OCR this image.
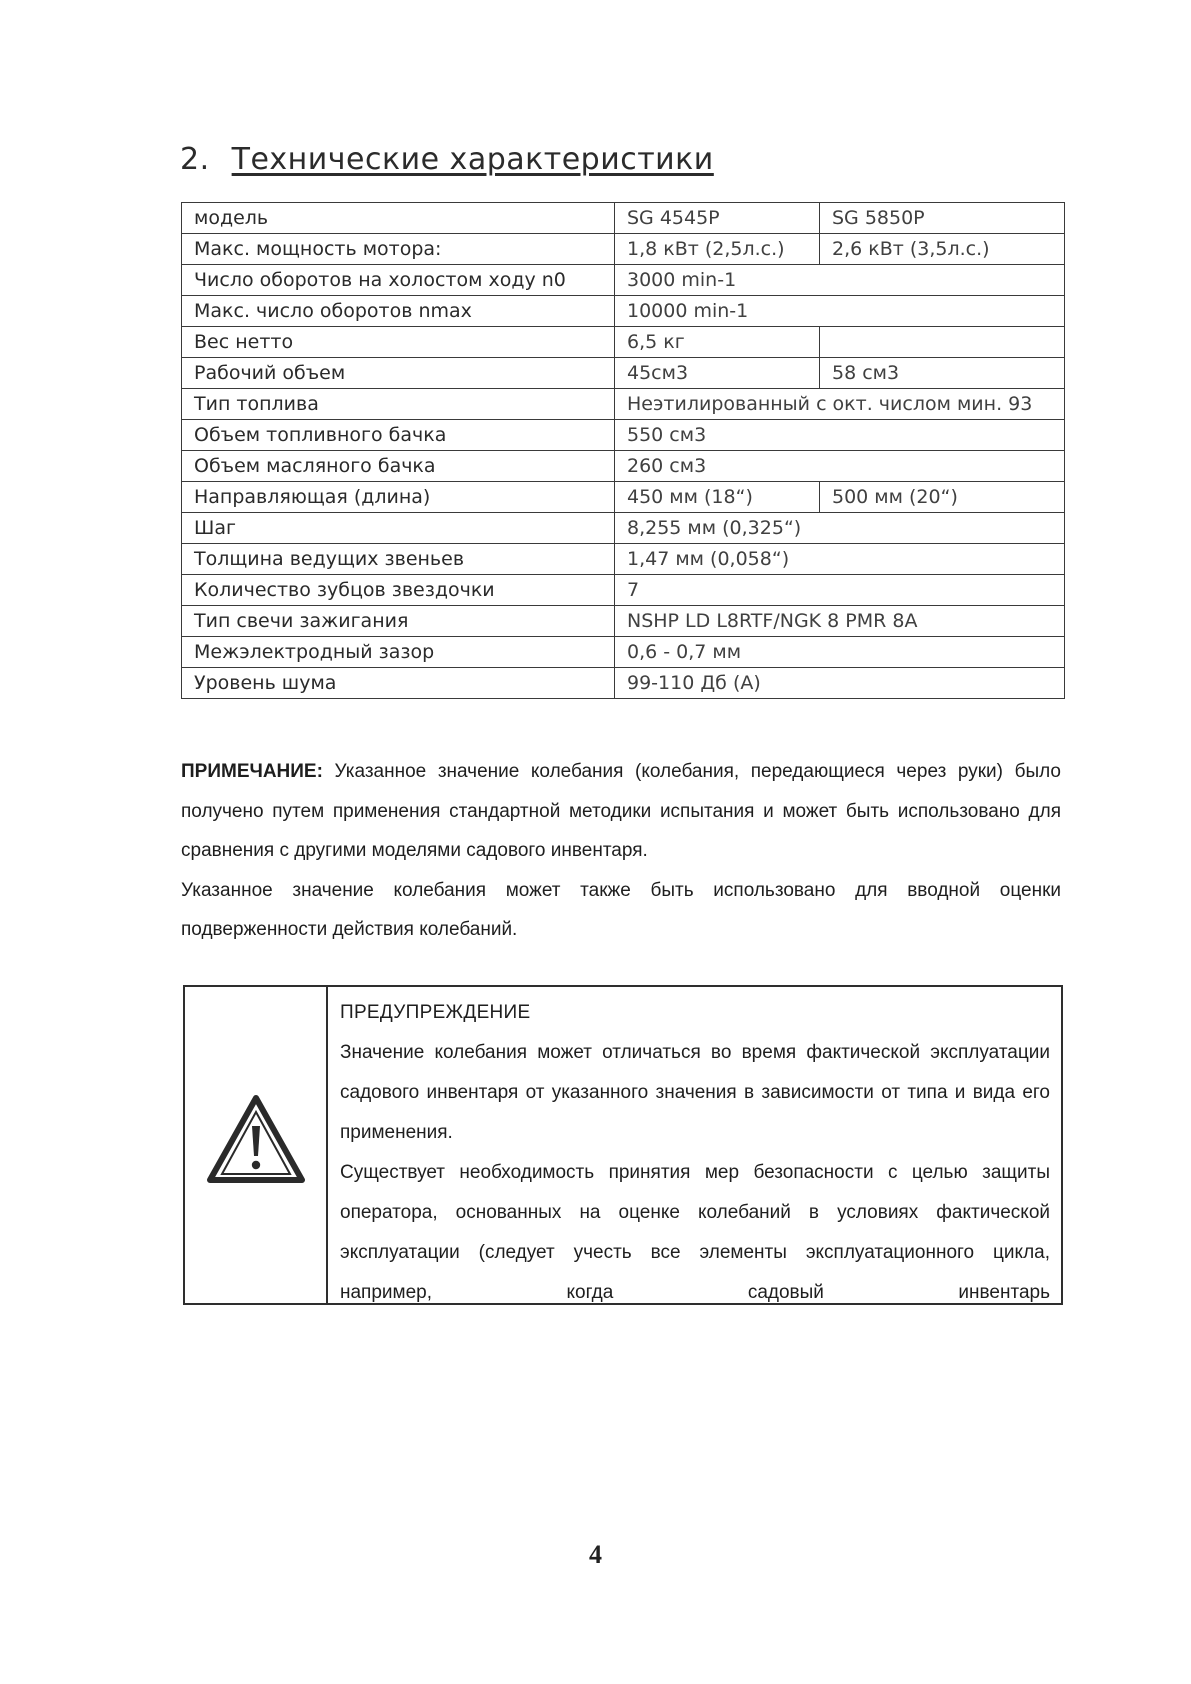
2. Технические характеристики
модель	SG 4545P	SG 5850P
Макс. мощность мотора:	1,8 кВт (2,5л.с.)	2,6 кВт (3,5л.с.)
Число оборотов на холостом ходу n0	3000 min-1	
Макс. число оборотов nmax	10000 min-1	
Вес нетто	6,5 кг	
Рабочий объем	45см3	58 см3
Тип топлива	Неэтилированный с окт. числом мин. 93	
Объем топливного бачка	550 см3	
Объем масляного бачка	260 см3	
Направляющая (длина)	450 мм (18“)	500 мм (20“)
Шаг	8,255 мм (0,325“)	
Толщина ведущих звеньев	1,47 мм (0,058“)	
Количество зубцов звездочки	7	
Тип свечи зажигания	NSHP LD L8RTF/NGK 8 PMR 8A	
Межэлектродный зазор	0,6 - 0,7 мм	
Уровень шума	99-110 Дб (А)	

ПРИМЕЧАНИЕ: Указанное значение колебания (колебания, передающиеся через руки) было получено путем применения стандартной методики испытания и может быть использовано для сравнения с другими моделями садового инвентаря.

Указанное значение колебания может также быть использовано для вводной оценки подверженности действия колебаний.

ПРЕДУПРЕЖДЕНИЕ

Значение колебания может отличаться во время фактической эксплуатации садового инвентаря от указанного значения в зависимости от типа и вида его применения.

Существует необходимость принятия мер безопасности с целью защиты оператора, основанных на оценке колебаний в условиях фактической эксплуатации (следует учесть все элементы эксплуатационного цикла, например, когда садовый инвентарь

4
